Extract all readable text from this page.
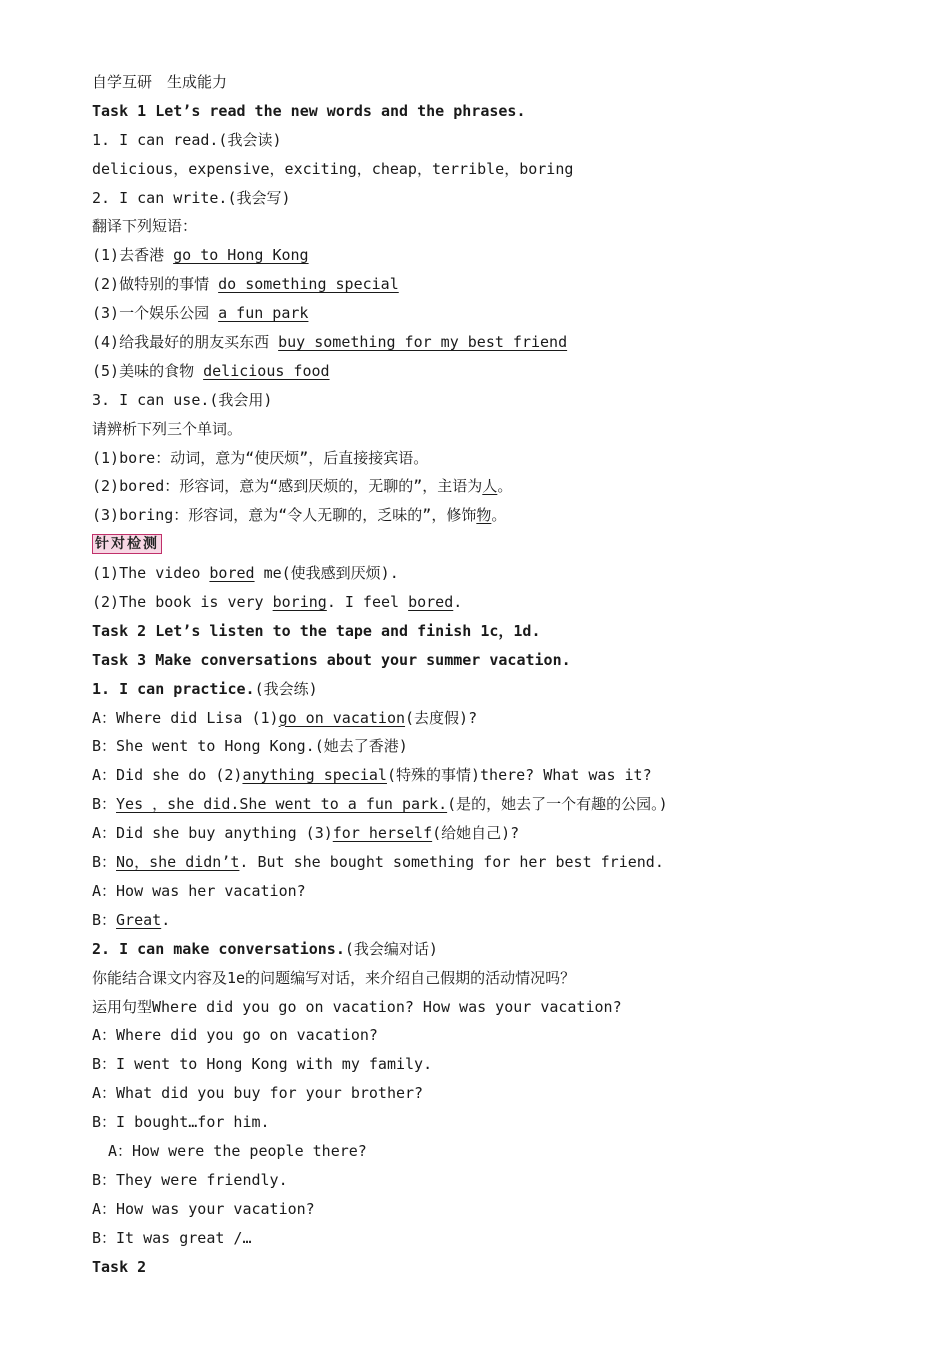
自学互研　生成能力
Task 1 Let’s read the new words and the phrases.
1. I can read.(我会读)
delicious，expensive，exciting，cheap，terrible，boring
2. I can write.(我会写)
翻译下列短语：
(1)去香港 go to Hong Kong
(2)做特别的事情 do something special
(3)一个娱乐公园 a fun park
(4)给我最好的朋友买东西 buy something for my best friend
(5)美味的食物 delicious food
3. I can use.(我会用)
请辨析下列三个单词。
(1)bore：动词，意为“使厌烦”，后直接接宾语。
(2)bored：形容词，意为“感到厌烦的，无聊的”，主语为人。
(3)boring：形容词，意为“令人无聊的，乏味的”，修饰物。
针对检测
(1)The video bored me(使我感到厌烦).
(2)The book is very boring. I feel bored.
Task 2 Let’s listen to the tape and finish 1c，1d.
Task 3 Make conversations about your summer vacation.
1. I can practice.(我会练)
A：Where did Lisa (1)go on vacation(去度假)?
B：She went to Hong Kong.(她去了香港)
A：Did she do (2)anything special(特殊的事情)there? What was it?
B：Yes ，she did.She went to a fun park.(是的，她去了一个有趣的公园。)
A：Did she buy anything (3)for herself(给她自己)?
B：No，she didn’t. But she bought something for her best friend.
A：How was her vacation?
B：Great.
2. I can make conversations.(我会编对话)
你能结合课文内容及1e的问题编写对话，来介绍自己假期的活动情况吗？
运用句型Where did you go on vacation? How was your vacation?
A：Where did you go on vacation?
B：I went to Hong Kong with my family.
A：What did you buy for your brother?
B：I bought…for him.
A：How were the people there?
B：They were friendly.
A：How was your vacation?
B：It was great /…
Task 2
